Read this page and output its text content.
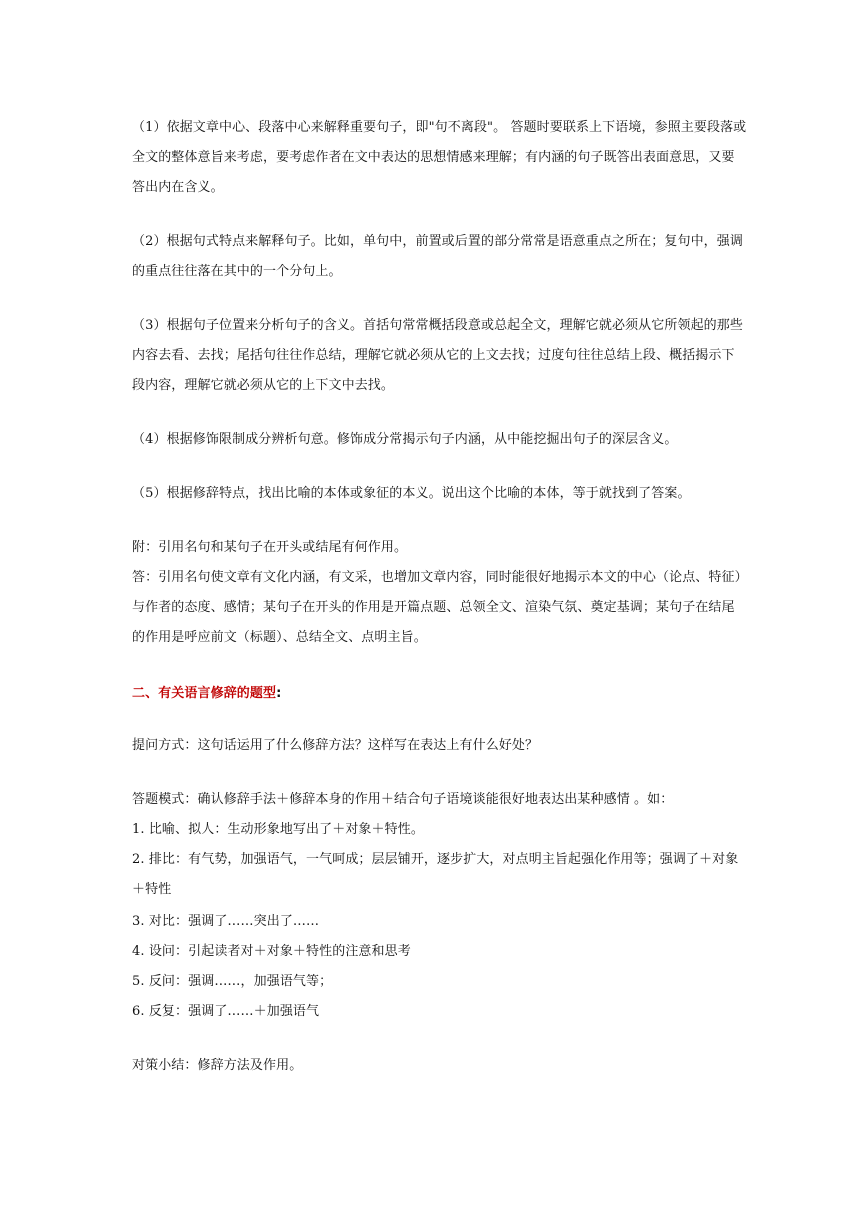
（1）依据文章中心、段落中心来解释重要句子，即"句不离段"。 答题时要联系上下语境，参照主要段落或
全文的整体意旨来考虑，要考虑作者在文中表达的思想情感来理解；有内涵的句子既答出表面意思，又要
答出内在含义。
（2）根据句式特点来解释句子。比如，单句中，前置或后置的部分常常是语意重点之所在；复句中，强调
的重点往往落在其中的一个分句上。
（3）根据句子位置来分析句子的含义。首括句常常概括段意或总起全文，理解它就必须从它所领起的那些
内容去看、去找；尾括句往往作总结，理解它就必须从它的上文去找；过度句往往总结上段、概括揭示下
段内容，理解它就必须从它的上下文中去找。
（4）根据修饰限制成分辨析句意。修饰成分常揭示句子内涵，从中能挖掘出句子的深层含义。
（5）根据修辞特点，找出比喻的本体或象征的本义。说出这个比喻的本体，等于就找到了答案。
附：引用名句和某句子在开头或结尾有何作用。
答：引用名句使文章有文化内涵，有文采，也增加文章内容，同时能很好地揭示本文的中心（论点、特征）
与作者的态度、感情；某句子在开头的作用是开篇点题、总领全文、渲染气氛、奠定基调；某句子在结尾
的作用是呼应前文（标题）、总结全文、点明主旨。
二、有关语言修辞的题型:
提问方式：这句话运用了什么修辞方法？这样写在表达上有什么好处？
答题模式：确认修辞手法＋修辞本身的作用＋结合句子语境谈能很好地表达出某种感情 。如：
1. 比喻、拟人：生动形象地写出了＋对象＋特性。
2. 排比：有气势，加强语气，一气呵成；层层铺开，逐步扩大，对点明主旨起强化作用等；强调了＋对象
＋特性
3. 对比：强调了……突出了……
4. 设问：引起读者对＋对象＋特性的注意和思考
5. 反问：强调……，加强语气等；
6. 反复：强调了……＋加强语气
对策小结：修辞方法及作用。
